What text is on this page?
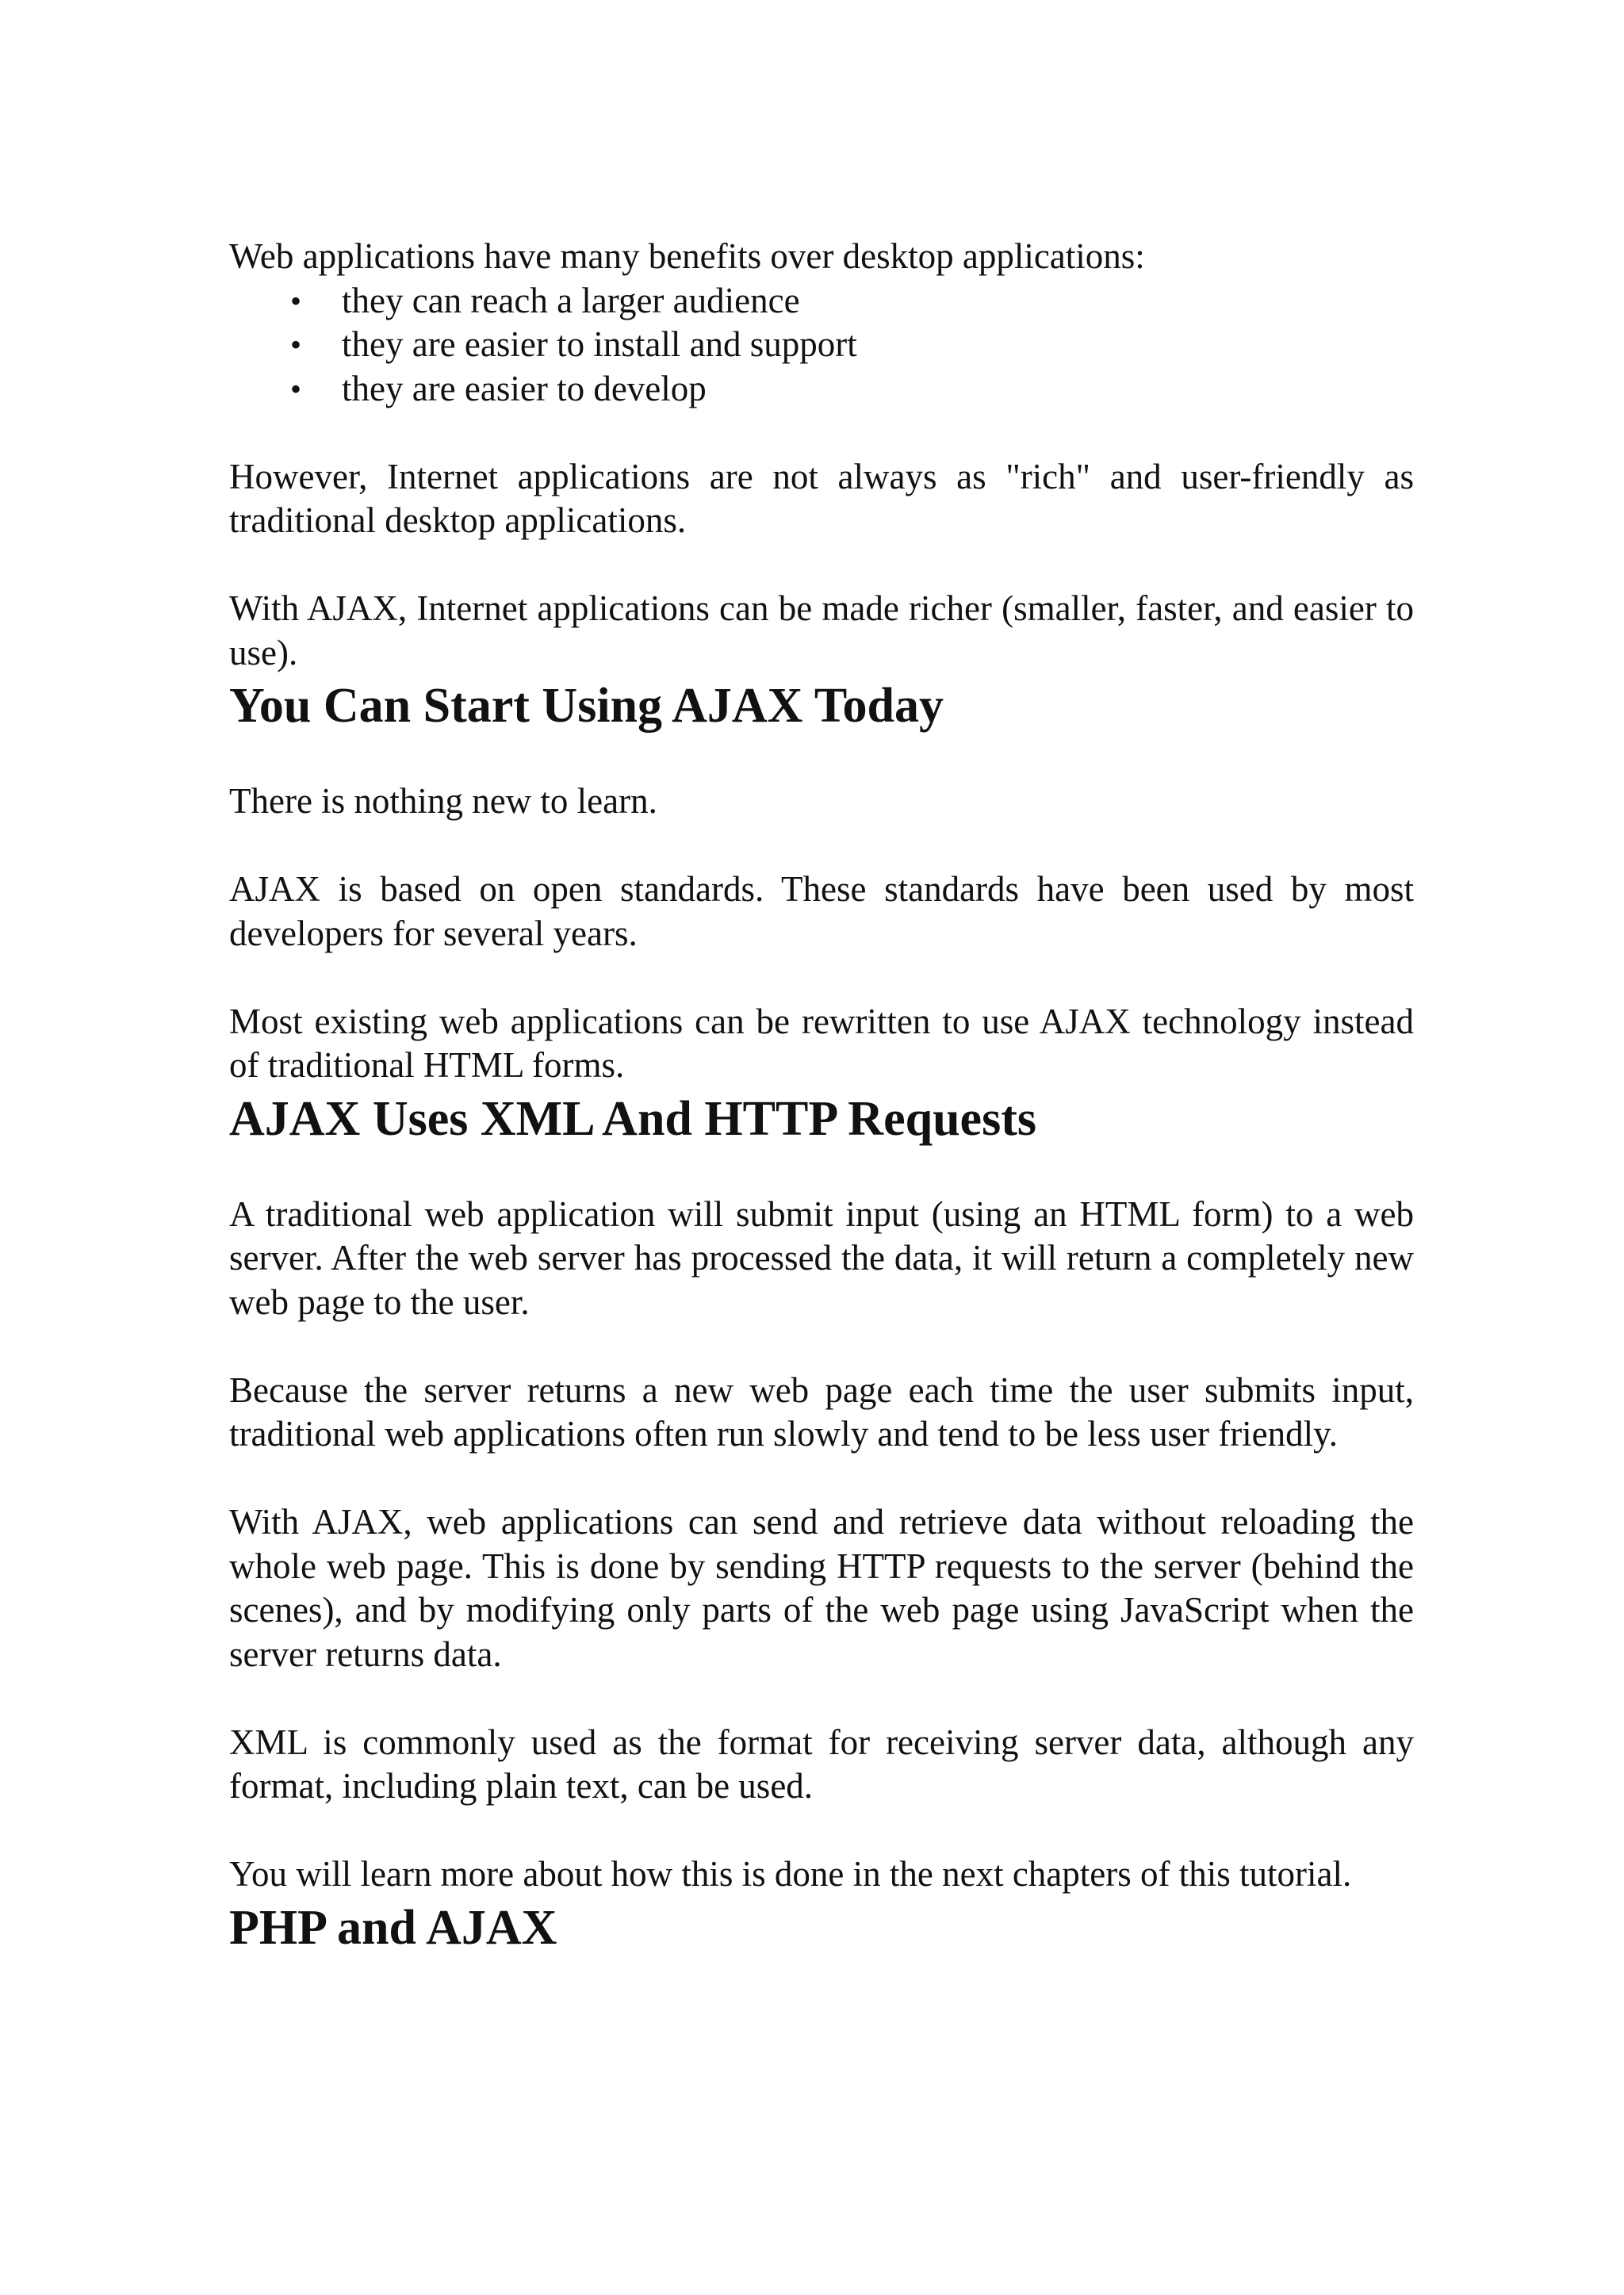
Web applications have many benefits over desktop applications:

• they can reach a larger audience
• they are easier to install and support
• they are easier to develop

However, Internet applications are not always as "rich" and user-friendly as traditional desktop applications.

With AJAX, Internet applications can be made richer (smaller, faster, and easier to use).

You Can Start Using AJAX Today

There is nothing new to learn.

AJAX is based on open standards. These standards have been used by most developers for several years.

Most existing web applications can be rewritten to use AJAX technology instead of traditional HTML forms.

AJAX Uses XML And HTTP Requests

A traditional web application will submit input (using an HTML form) to a web server. After the web server has processed the data, it will return a completely new web page to the user.

Because the server returns a new web page each time the user submits input, traditional web applications often run slowly and tend to be less user friendly.

With AJAX, web applications can send and retrieve data without reloading the whole web page. This is done by sending HTTP requests to the server (behind the scenes), and by modifying only parts of the web page using JavaScript when the server returns data.

XML is commonly used as the format for receiving server data, although any format, including plain text, can be used.

You will learn more about how this is done in the next chapters of this tutorial.

PHP and AJAX
